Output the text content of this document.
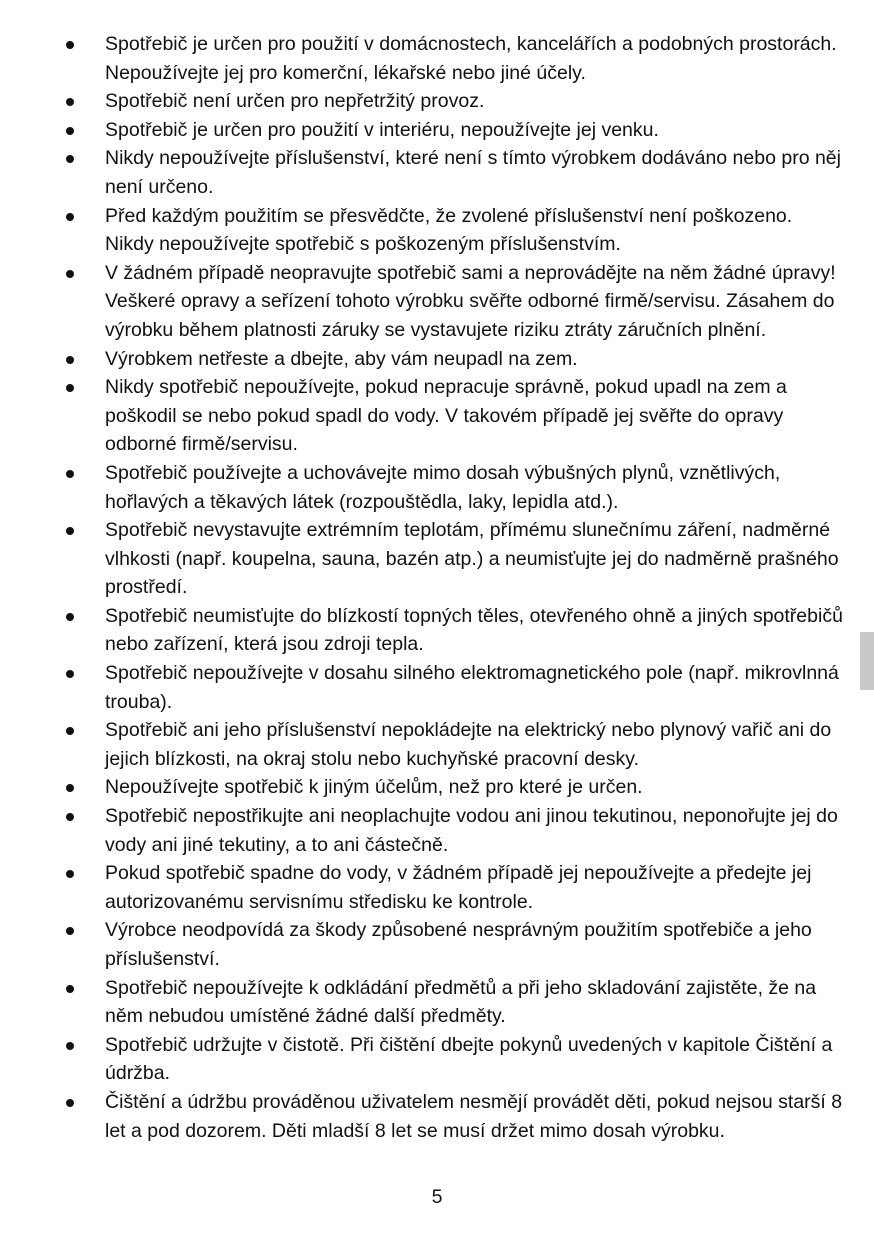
Spotřebič je určen pro použití v domácnostech, kancelářích a podobných prostorách. Nepoužívejte jej pro komerční, lékařské nebo jiné účely.
Spotřebič není určen pro nepřetržitý provoz.
Spotřebič je určen pro použití v interiéru, nepoužívejte jej venku.
Nikdy nepoužívejte příslušenství, které není s tímto výrobkem dodáváno nebo pro něj není určeno.
Před každým použitím se přesvědčte, že zvolené příslušenství není poškozeno. Nikdy nepoužívejte spotřebič s poškozeným příslušenstvím.
V žádném případě neopravujte spotřebič sami a neprovádějte na něm žádné úpravy! Veškeré opravy a seřízení tohoto výrobku svěřte odborné firmě/servisu. Zásahem do výrobku během platnosti záruky se vystavujete riziku ztráty záručních plnění.
Výrobkem netřeste a dbejte, aby vám neupadl na zem.
Nikdy spotřebič nepoužívejte, pokud nepracuje správně, pokud upadl na zem a poškodil se nebo pokud spadl do vody. V takovém případě jej svěřte do opravy odborné firmě/servisu.
Spotřebič používejte a uchovávejte mimo dosah výbušných plynů, vznětlivých, hořlavých a těkavých látek (rozpouštědla, laky, lepidla atd.).
Spotřebič nevystavujte extrémním teplotám, přímému slunečnímu záření, nadměrné vlhkosti (např. koupelna, sauna, bazén atp.) a neumisťujte jej do nadměrně prašného prostředí.
Spotřebič neumisťujte do blízkostí topných těles, otevřeného ohně a jiných spotřebičů nebo zařízení, která jsou zdroji tepla.
Spotřebič nepoužívejte v dosahu silného elektromagnetického pole (např. mikrovlnná trouba).
Spotřebič ani jeho příslušenství nepokládejte na elektrický nebo plynový vařič ani do jejich blízkosti, na okraj stolu nebo kuchyňské pracovní desky.
Nepoužívejte spotřebič k jiným účelům, než pro které je určen.
Spotřebič nepostřikujte ani neoplachujte vodou ani jinou tekutinou, neponořujte jej do vody ani jiné tekutiny, a to ani částečně.
Pokud spotřebič spadne do vody, v žádném případě jej nepoužívejte a předejte jej autorizovanému servisnímu středisku ke kontrole.
Výrobce neodpovídá za škody způsobené nesprávným použitím spotřebiče a jeho příslušenství.
Spotřebič nepoužívejte k odkládání předmětů a při jeho skladování zajistěte, že na něm nebudou umístěné žádné další předměty.
Spotřebič udržujte v čistotě. Při čištění dbejte pokynů uvedených v kapitole Čištění a údržba.
Čištění a údržbu prováděnou uživatelem nesmějí provádět děti, pokud nejsou starší 8 let a pod dozorem. Děti mladší 8 let se musí držet mimo dosah výrobku.
5
